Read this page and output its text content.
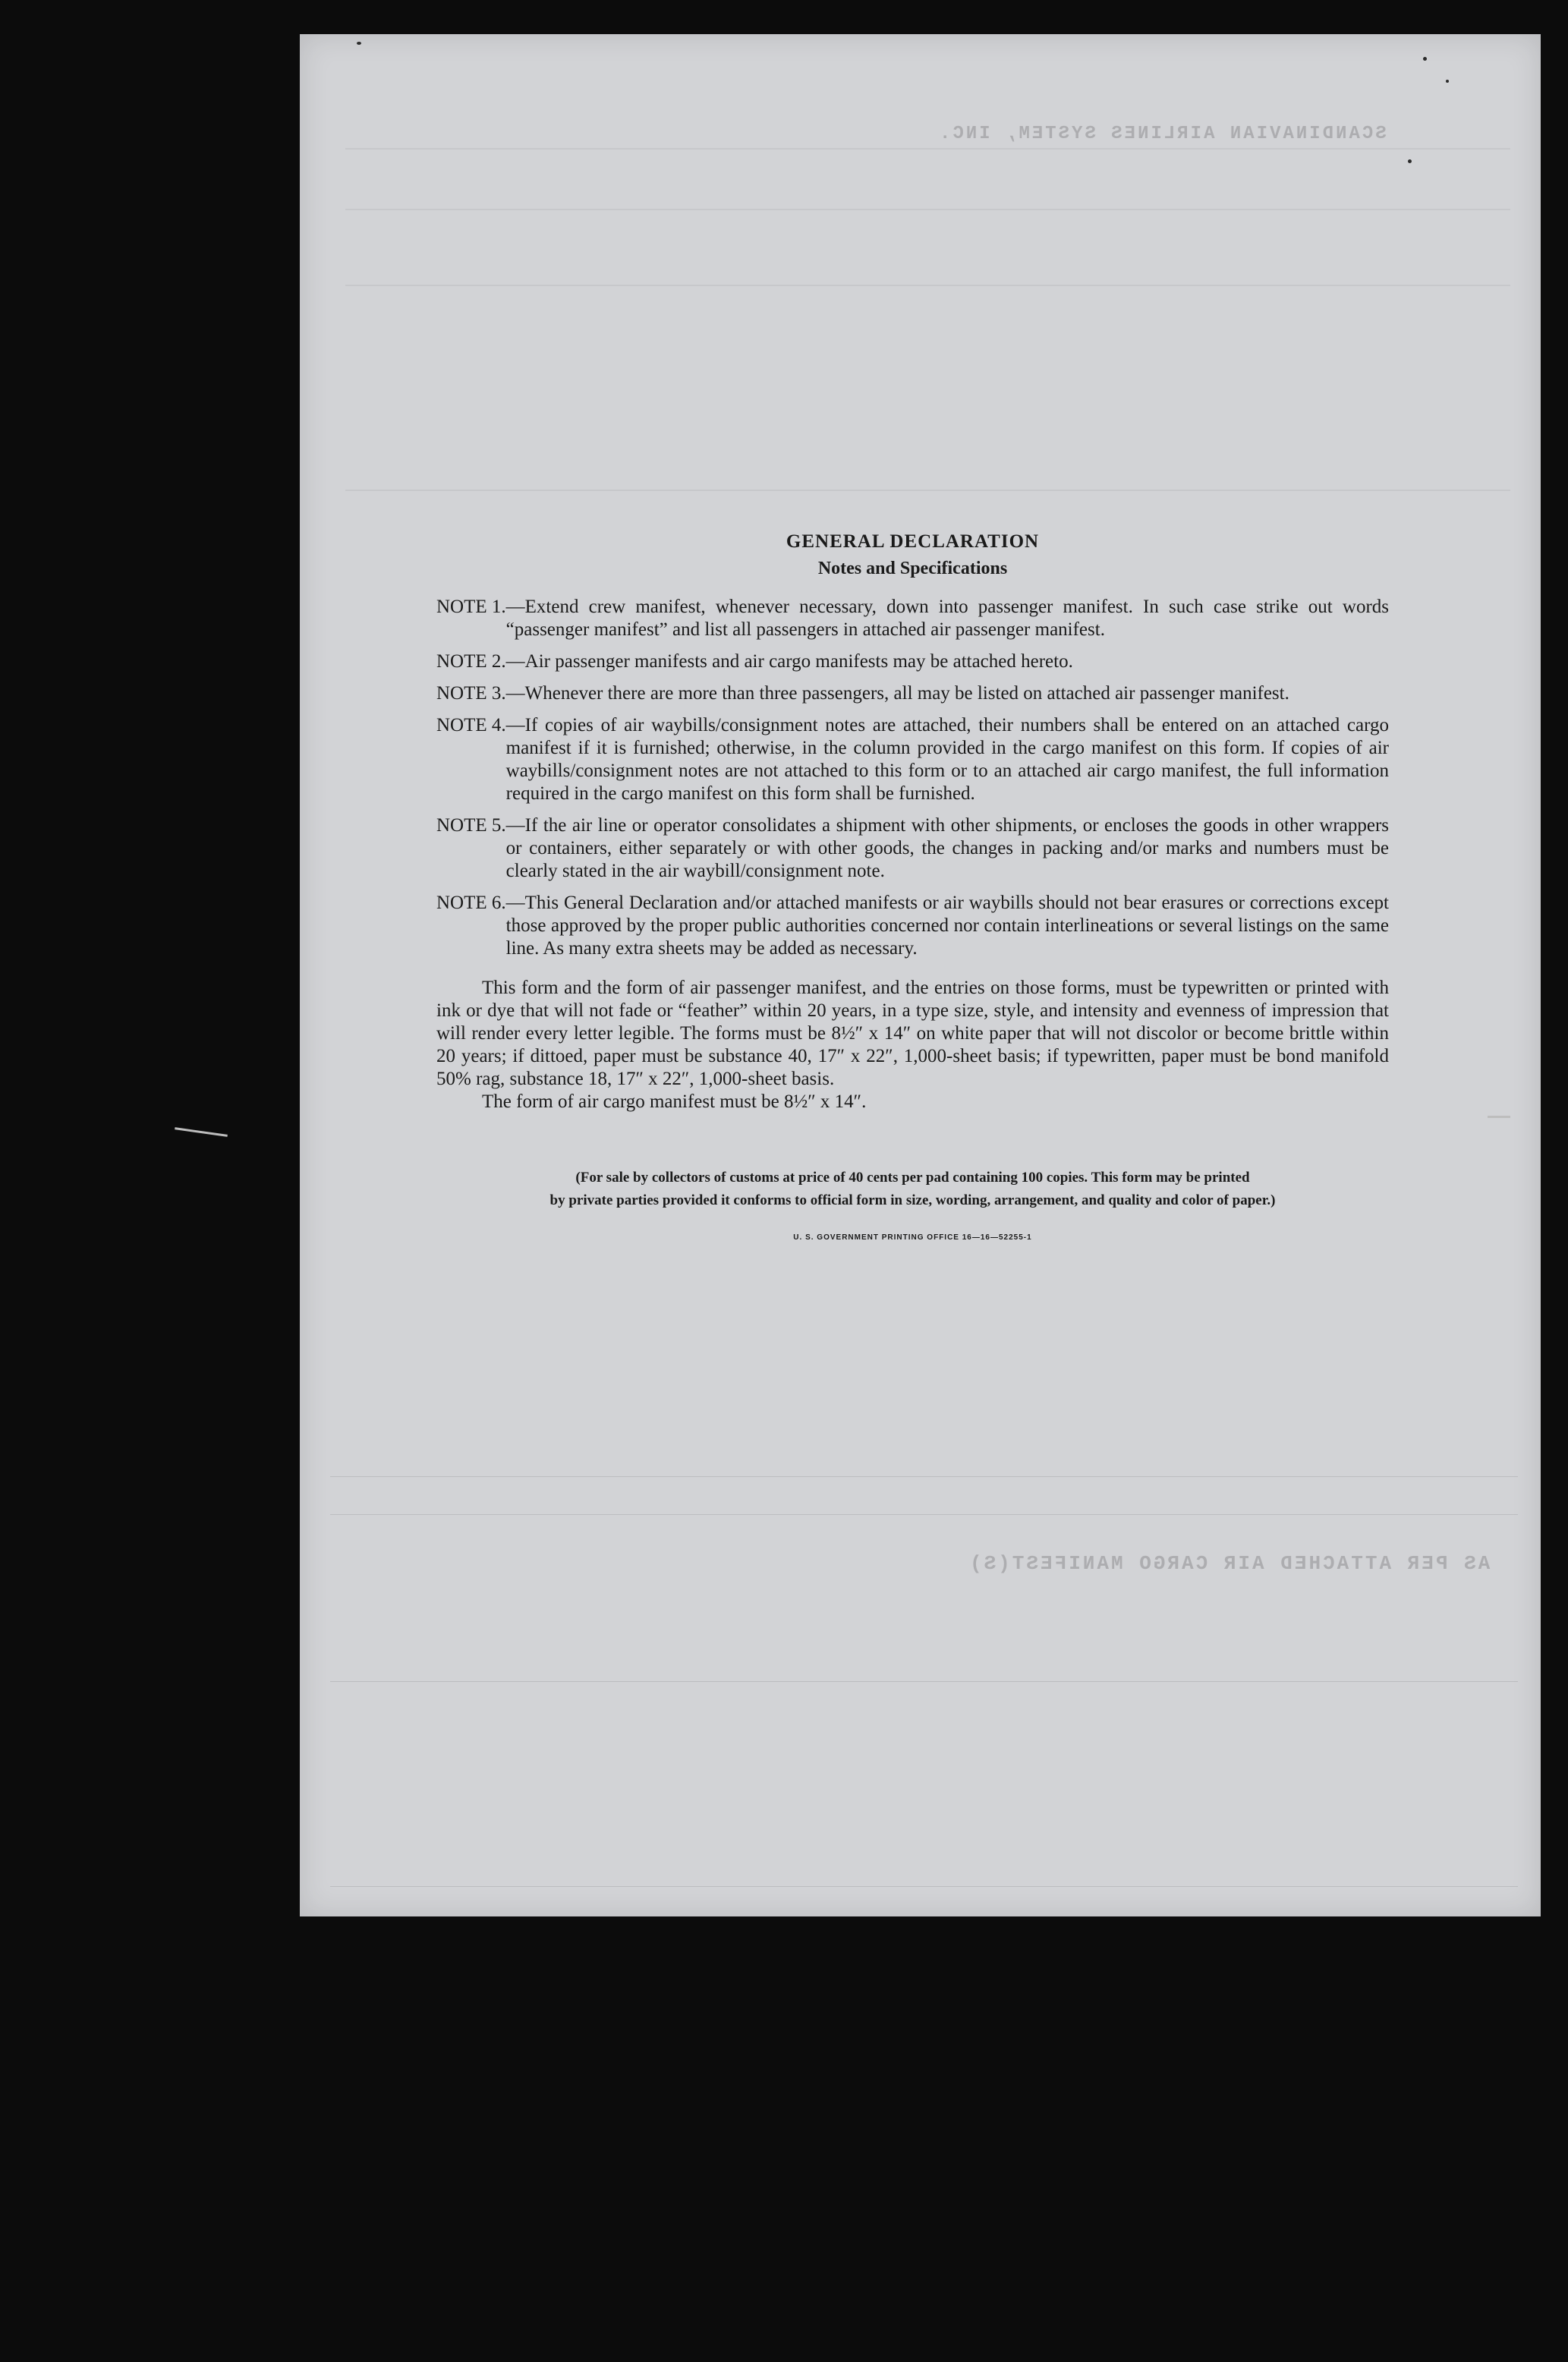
SCANDINAVIAN AIRLINES SYSTEM, INC.
AS PER ATTACHED AIR CARGO MANIFEST(S)
GENERAL DECLARATION
Notes and Specifications
NOTE 1. —Extend crew manifest, whenever necessary, down into passenger manifest. In such case strike out words “passenger manifest” and list all passengers in attached air passenger manifest.
NOTE 2. —Air passenger manifests and air cargo manifests may be attached hereto.
NOTE 3. —Whenever there are more than three passengers, all may be listed on attached air passenger manifest.
NOTE 4. —If copies of air waybills/consignment notes are attached, their numbers shall be entered on an attached cargo manifest if it is furnished; otherwise, in the column provided in the cargo manifest on this form. If copies of air waybills/consignment notes are not attached to this form or to an attached air cargo manifest, the full information required in the cargo manifest on this form shall be furnished.
NOTE 5. —If the air line or operator consolidates a shipment with other shipments, or encloses the goods in other wrappers or containers, either separately or with other goods, the changes in packing and/or marks and numbers must be clearly stated in the air waybill/consignment note.
NOTE 6. —This General Declaration and/or attached manifests or air waybills should not bear erasures or corrections except those approved by the proper public authorities concerned nor contain interlineations or several listings on the same line. As many extra sheets may be added as necessary.
This form and the form of air passenger manifest, and the entries on those forms, must be typewritten or printed with ink or dye that will not fade or “feather” within 20 years, in a type size, style, and intensity and evenness of impression that will render every letter legible. The forms must be 8½″ x 14″ on white paper that will not discolor or become brittle within 20 years; if dittoed, paper must be substance 40, 17″ x 22″, 1,000-sheet basis; if typewritten, paper must be bond manifold 50% rag, substance 18, 17″ x 22″, 1,000-sheet basis.
The form of air cargo manifest must be 8½″ x 14″.
(For sale by collectors of customs at price of 40 cents per pad containing 100 copies. This form may be printed
by private parties provided it conforms to official form in size, wording, arrangement, and quality and color of paper.)
U. S. GOVERNMENT PRINTING OFFICE 16—16—52255-1
